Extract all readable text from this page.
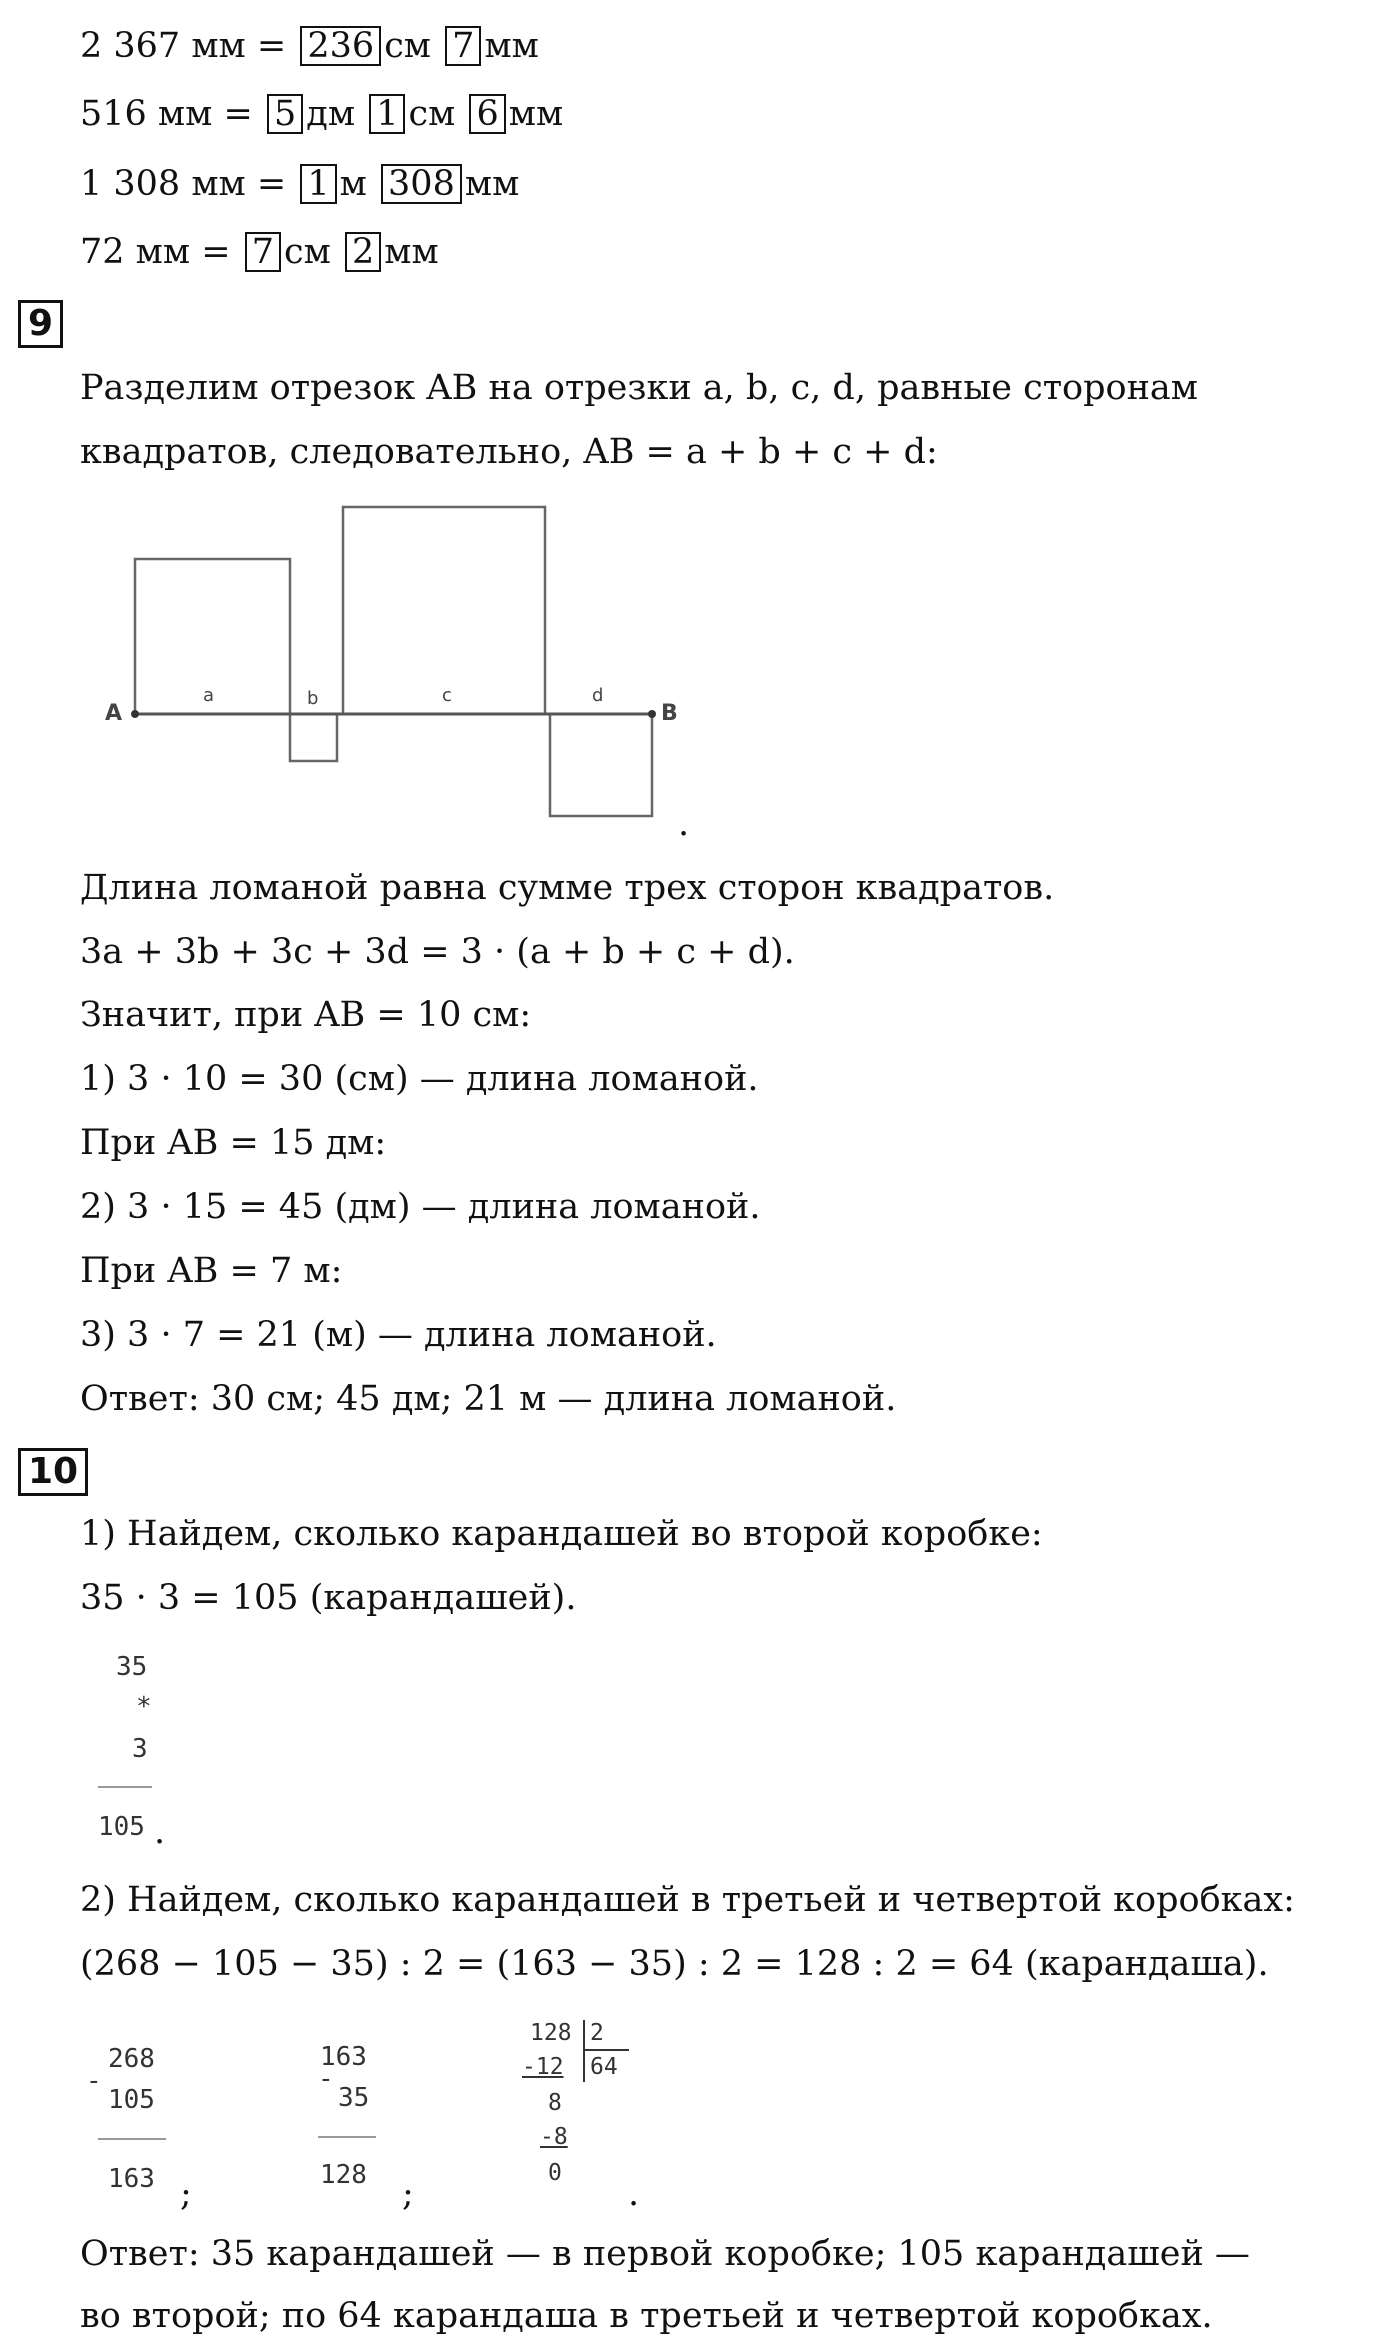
2 367 мм = 236 см 7 мм
516 мм = 5 дм 1 см 6 мм
1 308 мм = 1 м 308 мм
72 мм = 7 см 2 мм
9
Разделим отрезок AB на отрезки a, b, c, d, равные сторонам
квадратов, следовательно, AB = a + b + c + d:
A	B
a	b	c	d
.
Длина ломаной равна сумме трех сторон квадратов.
3a + 3b + 3c + 3d = 3 · (a + b + c + d).
Значит, при AB = 10 см:
1) 3 · 10 = 30 (см) — длина ломаной.
При AB = 15 дм:
2) 3 · 15 = 45 (дм) — длина ломаной.
При AB = 7 м:
3) 3 · 7 = 21 (м) — длина ломаной.
Ответ: 30 см; 45 дм; 21 м — длина ломаной.
10
1) Найдем, сколько карандашей во второй коробке:
35 · 3 = 105 (карандашей).
35
*
3
105 .
2) Найдем, сколько карандашей в третьей и четвертой коробках:
(268 − 105 − 35) : 2 = (163 − 35) : 2 = 128 : 2 = 64 (карандаша).
-
268
105
163 ;
-
163
35
128 ;
128 2
-12 64
8
-8
0
.
Ответ: 35 карандашей — в первой коробке; 105 карандашей —
во второй; по 64 карандаша в третьей и четвертой коробках.
